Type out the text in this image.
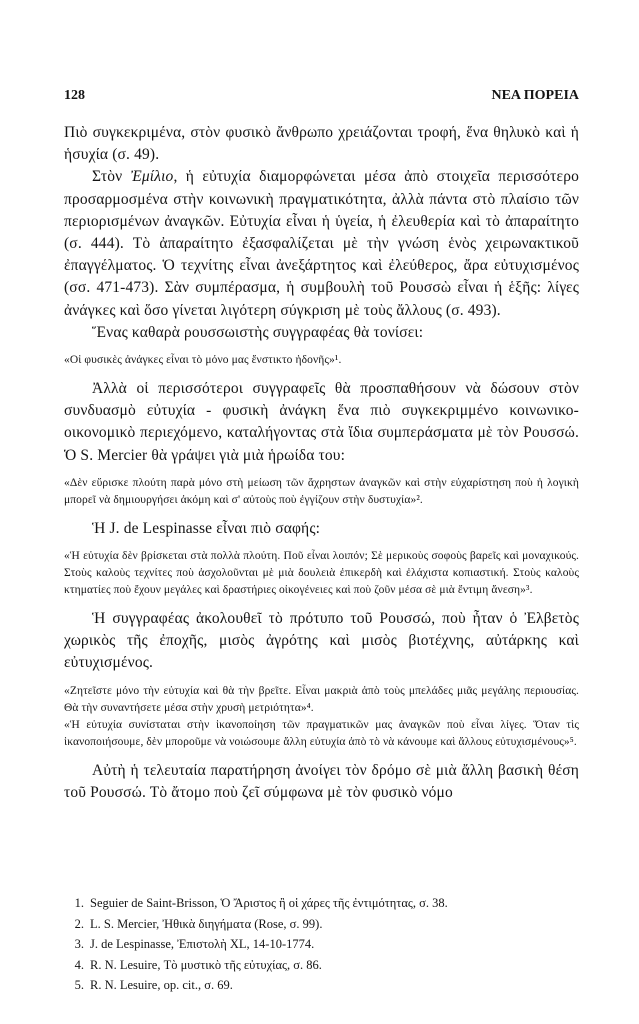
128	ΝΕΑ ΠΟΡΕΙΑ

Πιὸ συγκεκριμένα, στὸν φυσικὸ ἄνθρωπο χρειάζονται τροφή, ἕνα θηλυκὸ καὶ ἡ ἡσυχία (σ. 49).

Στὸν Ἐμίλιο, ἡ εὐτυχία διαμορφώνεται μέσα ἀπὸ στοιχεῖα περισσότερο προσαρμοσμένα στὴν κοινωνικὴ πραγματικότητα, ἀλλὰ πάντα στὸ πλαίσιο τῶν περιορισμένων ἀναγκῶν. Εὐτυχία εἶναι ἡ ὑγεία, ἡ ἐλευθερία καὶ τὸ ἀπαραίτητο (σ. 444). Τὸ ἀπαραίτητο ἐξασφαλίζεται μὲ τὴν γνώση ἑνὸς χειρωνακτικοῦ ἐπαγγέλματος. Ὁ τεχνίτης εἶναι ἀνεξάρτητος καὶ ἐλεύθερος, ἄρα εὐτυχισμένος (σσ. 471-473). Σὰν συμπέρασμα, ἡ συμβουλὴ τοῦ Ρουσσὼ εἶναι ἡ ἑξῆς: λίγες ἀνάγκες καὶ ὅσο γίνεται λιγότερη σύγκριση μὲ τοὺς ἄλλους (σ. 493).

Ἕνας καθαρὰ ρουσσωιστὴς συγγραφέας θὰ τονίσει:

«Οἱ φυσικὲς ἀνάγκες εἶναι τὸ μόνο μας ἔνστικτο ἡδονῆς»¹.

Ἀλλὰ οἱ περισσότεροι συγγραφεῖς θὰ προσπαθήσουν νὰ δώσουν στὸν συνδυασμὸ εὐτυχία - φυσικὴ ἀνάγκη ἕνα πιὸ συγκεκριμμένο κοινωνικο-οικονομικὸ περιεχόμενο, καταλήγοντας στὰ ἴδια συμπεράσματα μὲ τὸν Ρουσσώ. Ὁ S. Mercier θὰ γράψει γιὰ μιὰ ἡρωίδα του:

«Δὲν εὕρισκε πλούτη παρὰ μόνο στὴ μείωση τῶν ἄχρηστων ἀναγκῶν καὶ στὴν εὐχαρίστηση ποὺ ἡ λογικὴ μπορεῖ νὰ δημιουργήσει ἀκόμη καὶ σ' αὐτοὺς ποὺ ἐγγίζουν στὴν δυστυχία»².

Ἡ J. de Lespinasse εἶναι πιὸ σαφής:

«Ἡ εὐτυχία δὲν βρίσκεται στὰ πολλὰ πλούτη. Ποῦ εἶναι λοιπόν; Σὲ μερικοὺς σοφοὺς βαρεῖς καὶ μοναχικούς. Στοὺς καλοὺς τεχνίτες ποὺ ἀσχολοῦνται μὲ μιὰ δουλειὰ ἐπικερδὴ καὶ ἐλάχιστα κοπιαστική. Στοὺς καλοὺς κτηματίες ποὺ ἔχουν μεγάλες καὶ δραστήριες οἰκογένειες καὶ ποὺ ζοῦν μέσα σὲ μιὰ ἔντιμη ἄνεση»³.

Ἡ συγγραφέας ἀκολουθεῖ τὸ πρότυπο τοῦ Ρουσσώ, ποὺ ἦταν ὁ Ἐλβετὸς χωρικὸς τῆς ἐποχῆς, μισὸς ἀγρότης καὶ μισὸς βιοτέχνης, αὐτάρκης καὶ εὐτυχισμένος.

«Ζητεῖστε μόνο τὴν εὐτυχία καὶ θὰ τὴν βρεῖτε. Εἶναι μακριὰ ἀπὸ τοὺς μπελάδες μιᾶς μεγάλης περιουσίας. Θὰ τὴν συναντήσετε μέσα στὴν χρυσὴ μετριότητα»⁴.

«Ἡ εὐτυχία συνίσταται στὴν ἱκανοποίηση τῶν πραγματικῶν μας ἀναγκῶν ποὺ εἶναι λίγες. Ὅταν τὶς ἱκανοποιήσουμε, δὲν μποροῦμε νὰ νοιώσουμε ἄλλη εὐτυχία ἀπὸ τὸ νὰ κάνουμε καὶ ἄλλους εὐτυχισμένους»⁵.

Αὐτὴ ἡ τελευταία παρατήρηση ἀνοίγει τὸν δρόμο σὲ μιὰ ἄλλη βασικὴ θέση τοῦ Ρουσσώ. Τὸ ἄτομο ποὺ ζεῖ σύμφωνα μὲ τὸν φυσικὸ νόμο

1. Seguier de Saint-Brisson, Ὁ Ἄριστος ἢ οἱ χάρες τῆς ἐντιμότητας, σ. 38.
2. L. S. Mercier, Ἠθικὰ διηγήματα (Rose, σ. 99).
3. J. de Lespinasse, Ἐπιστολὴ XL, 14-10-1774.
4. R. N. Lesuire, Τὸ μυστικὸ τῆς εὐτυχίας, σ. 86.
5. R. N. Lesuire, op. cit., σ. 69.
